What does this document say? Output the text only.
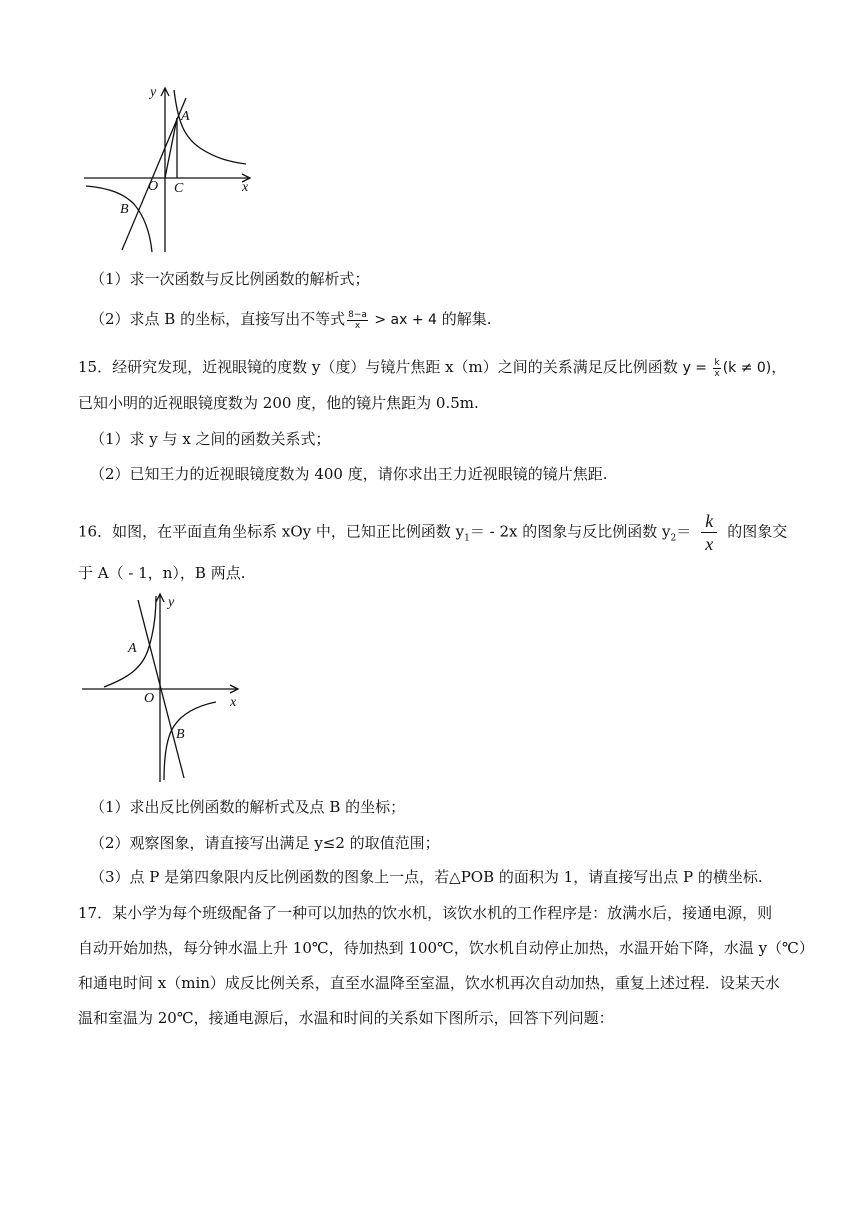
y
A
O C	x
B
（1）求一次函数与反比例函数的解析式；
（2）求点 B 的坐标，直接写出不等式 $\frac{8-a}{x}$ > ax + 4 的解集.
15．经研究发现，近视眼镜的度数 y（度）与镜片焦距 x（m）之间的关系满足反比例函数 $y = \frac{k}{x} (k \ne 0)$，
已知小明的近视眼镜度数为 200 度，他的镜片焦距为 0.5m.
（1）求 y 与 x 之间的函数关系式；
（2）已知王力的近视眼镜度数为 400 度，请你求出王力近视眼镜的镜片焦距.
16．如图，在平面直角坐标系 xOy 中，已知正比例函数 $y_1= - 2x$ 的图象与反比例函数 $y_2= \frac{k}{x}$ 的图象交
于 A（ - 1，n），B 两点.
y
A
O	x
B
（1）求出反比例函数的解析式及点 B 的坐标；
（2）观察图象，请直接写出满足 y≤2 的取值范围；
（3）点 P 是第四象限内反比例函数的图象上一点，若△POB 的面积为 1，请直接写出点 P 的横坐标.
17．某小学为每个班级配备了一种可以加热的饮水机，该饮水机的工作程序是：放满水后，接通电源，则
自动开始加热，每分钟水温上升 10℃，待加热到 100℃，饮水机自动停止加热，水温开始下降，水温 y（℃）
和通电时间 x（min）成反比例关系，直至水温降至室温，饮水机再次自动加热，重复上述过程．设某天水
温和室温为 20℃，接通电源后，水温和时间的关系如下图所示，回答下列问题：
